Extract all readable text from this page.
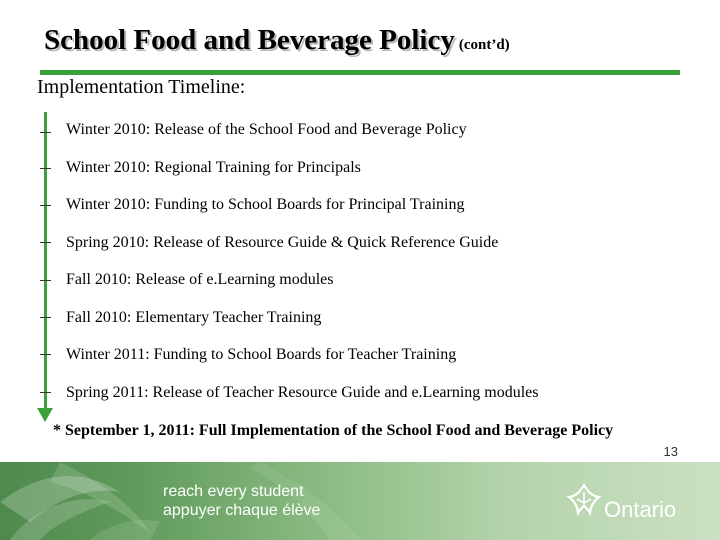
School Food and Beverage Policy (cont’d)
Implementation Timeline:
Winter 2010: Release of the School Food and Beverage Policy
Winter 2010: Regional Training for Principals
Winter 2010: Funding to School Boards for Principal Training
Spring 2010: Release of Resource Guide & Quick Reference Guide
Fall 2010: Release of e.Learning modules
Fall 2010: Elementary Teacher Training
Winter 2011: Funding to School Boards for Teacher Training
Spring 2011: Release of Teacher Resource Guide and e.Learning modules
* September 1, 2011: Full Implementation of the School Food and Beverage Policy
13
reach every student
appuyer chaque élève	Ontario
